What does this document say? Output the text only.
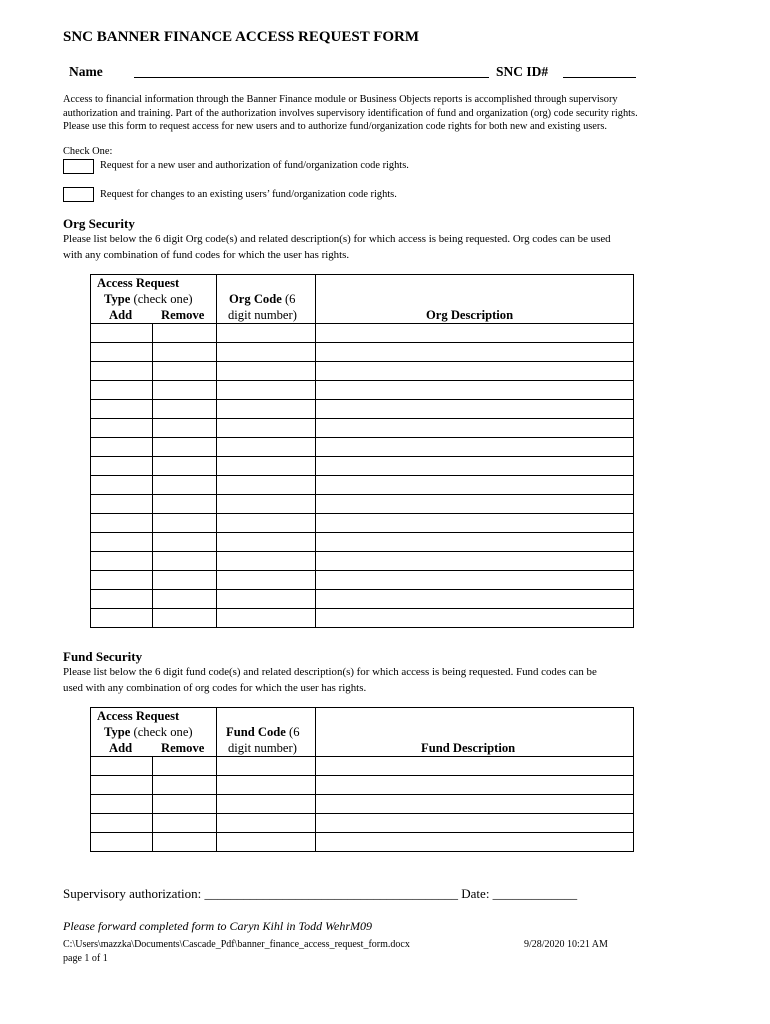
SNC BANNER FINANCE ACCESS REQUEST FORM
Name	SNC ID#
Access to financial information through the Banner Finance module or Business Objects reports is accomplished through supervisory
authorization and training. Part of the authorization involves supervisory identification of fund and organization (org) code security rights.
Please use this form to request access for new users and to authorize fund/organization code rights for both new and existing users.
Check One:
Request for a new user and authorization of fund/organization code rights.
Request for changes to an existing users’ fund/organization code rights.
Org Security
Please list below the 6 digit Org code(s) and related description(s) for which access is being requested. Org codes can be used
with any combination of fund codes for which the user has rights.
Access Request
Type (check one)
Add Remove		Org Code (6
digit number)	Org Description

Fund Security
Please list below the 6 digit fund code(s) and related description(s) for which access is being requested. Fund codes can be
used with any combination of org codes for which the user has rights.
Access Request
Type (check one)
Add Remove		Fund Code (6
digit number)	Fund Description

Supervisory authorization: _______________________________________ Date: _____________
Please forward completed form to Caryn Kihl in Todd WehrM09
C:\Users\mazzka\Documents\Cascade_Pdf\banner_finance_access_request_form.docx	9/28/2020 10:21 AM
page 1 of 1
